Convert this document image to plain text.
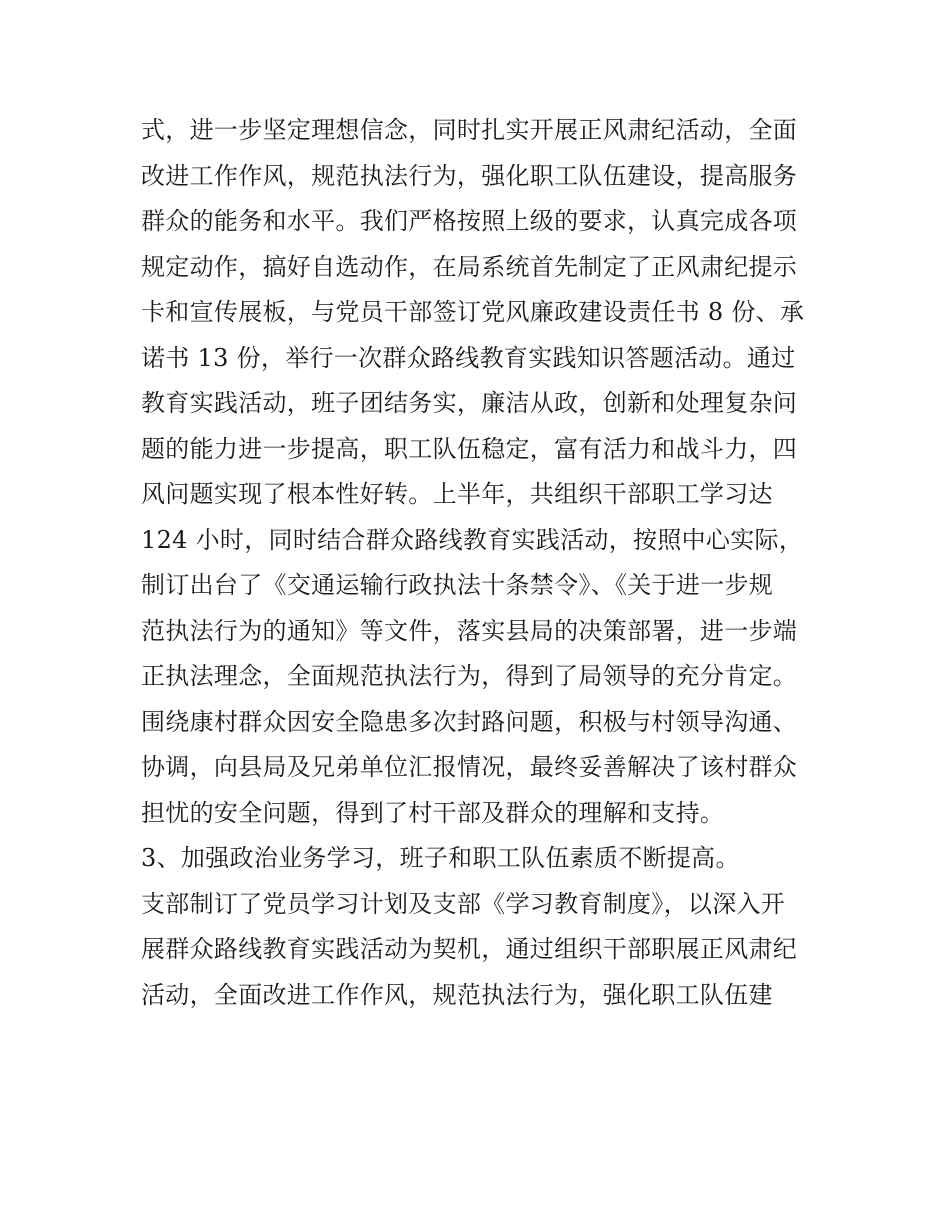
式，进一步坚定理想信念，同时扎实开展正风肃纪活动，全面
改进工作作风，规范执法行为，强化职工队伍建设，提高服务
群众的能务和水平。我们严格按照上级的要求，认真完成各项
规定动作，搞好自选动作，在局系统首先制定了正风肃纪提示
卡和宣传展板，与党员干部签订党风廉政建设责任书 8 份、承
诺书 13 份，举行一次群众路线教育实践知识答题活动。通过
教育实践活动，班子团结务实，廉洁从政，创新和处理复杂问
题的能力进一步提高，职工队伍稳定，富有活力和战斗力，四
风问题实现了根本性好转。上半年，共组织干部职工学习达
124 小时，同时结合群众路线教育实践活动，按照中心实际，
制订出台了《交通运输行政执法十条禁令》、《关于进一步规
范执法行为的通知》等文件，落实县局的决策部署，进一步端
正执法理念，全面规范执法行为，得到了局领导的充分肯定。
围绕康村群众因安全隐患多次封路问题，积极与村领导沟通、
协调，向县局及兄弟单位汇报情况，最终妥善解决了该村群众
担忧的安全问题，得到了村干部及群众的理解和支持。
3、加强政治业务学习，班子和职工队伍素质不断提高。
支部制订了党员学习计划及支部《学习教育制度》，以深入开
展群众路线教育实践活动为契机，通过组织干部职展正风肃纪
活动，全面改进工作作风，规范执法行为，强化职工队伍建
